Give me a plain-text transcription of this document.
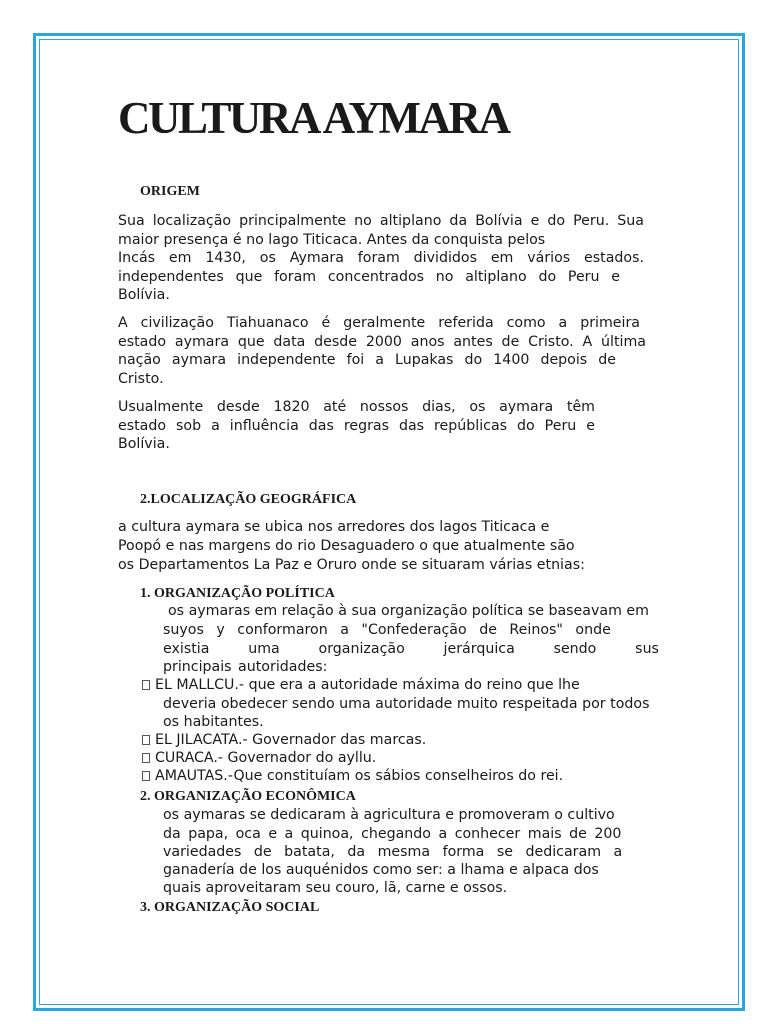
CULTURA AYMARA
ORIGEM

Sua localização principalmente no altiplano da Bolívia e do Peru. Sua
maior presença é no lago Titicaca. Antes da conquista pelos
Incás em 1430, os Aymara foram divididos em vários estados.
independentes que foram concentrados no altiplano do Peru e
Bolívia.

A civilização Tiahuanaco é geralmente referida como a primeira
estado aymara que data desde 2000 anos antes de Cristo. A última
nação aymara independente foi a Lupakas do 1400 depois de
Cristo.

Usualmente desde 1820 até nossos dias, os aymara têm
estado sob a influência das regras das repúblicas do Peru e
Bolívia.

2.LOCALIZAÇÃO GEOGRÁFICA
a cultura aymara se ubica nos arredores dos lagos Titicaca e
Poopó e nas margens do rio Desaguadero o que atualmente são
os Departamentos La Paz e Oruro onde se situaram várias etnias:
1. ORGANIZAÇÃO POLÍTICA
os aymaras em relação à sua organização política se baseavam em
suyos y conformaron a "Confederação de Reinos" onde
existia	uma	organização	jerárquica	sendo	sus
principais autoridades:
EL MALLCU.- que era a autoridade máxima do reino que lhe
deveria obedecer sendo uma autoridade muito respeitada por todos
os habitantes.
EL JILACATA.- Governador das marcas.
CURACA.- Governador do ayllu.
AMAUTAS.-Que constituíam os sábios conselheiros do rei.
2. ORGANIZAÇÃO ECONÔMICA
os aymaras se dedicaram à agricultura e promoveram o cultivo
da papa, oca e a quinoa, chegando a conhecer mais de 200
variedades de batata, da mesma forma se dedicaram a
ganadería de los auquénidos como ser: a lhama e alpaca dos
quais aproveitaram seu couro, lã, carne e ossos.
3. ORGANIZAÇÃO SOCIAL
